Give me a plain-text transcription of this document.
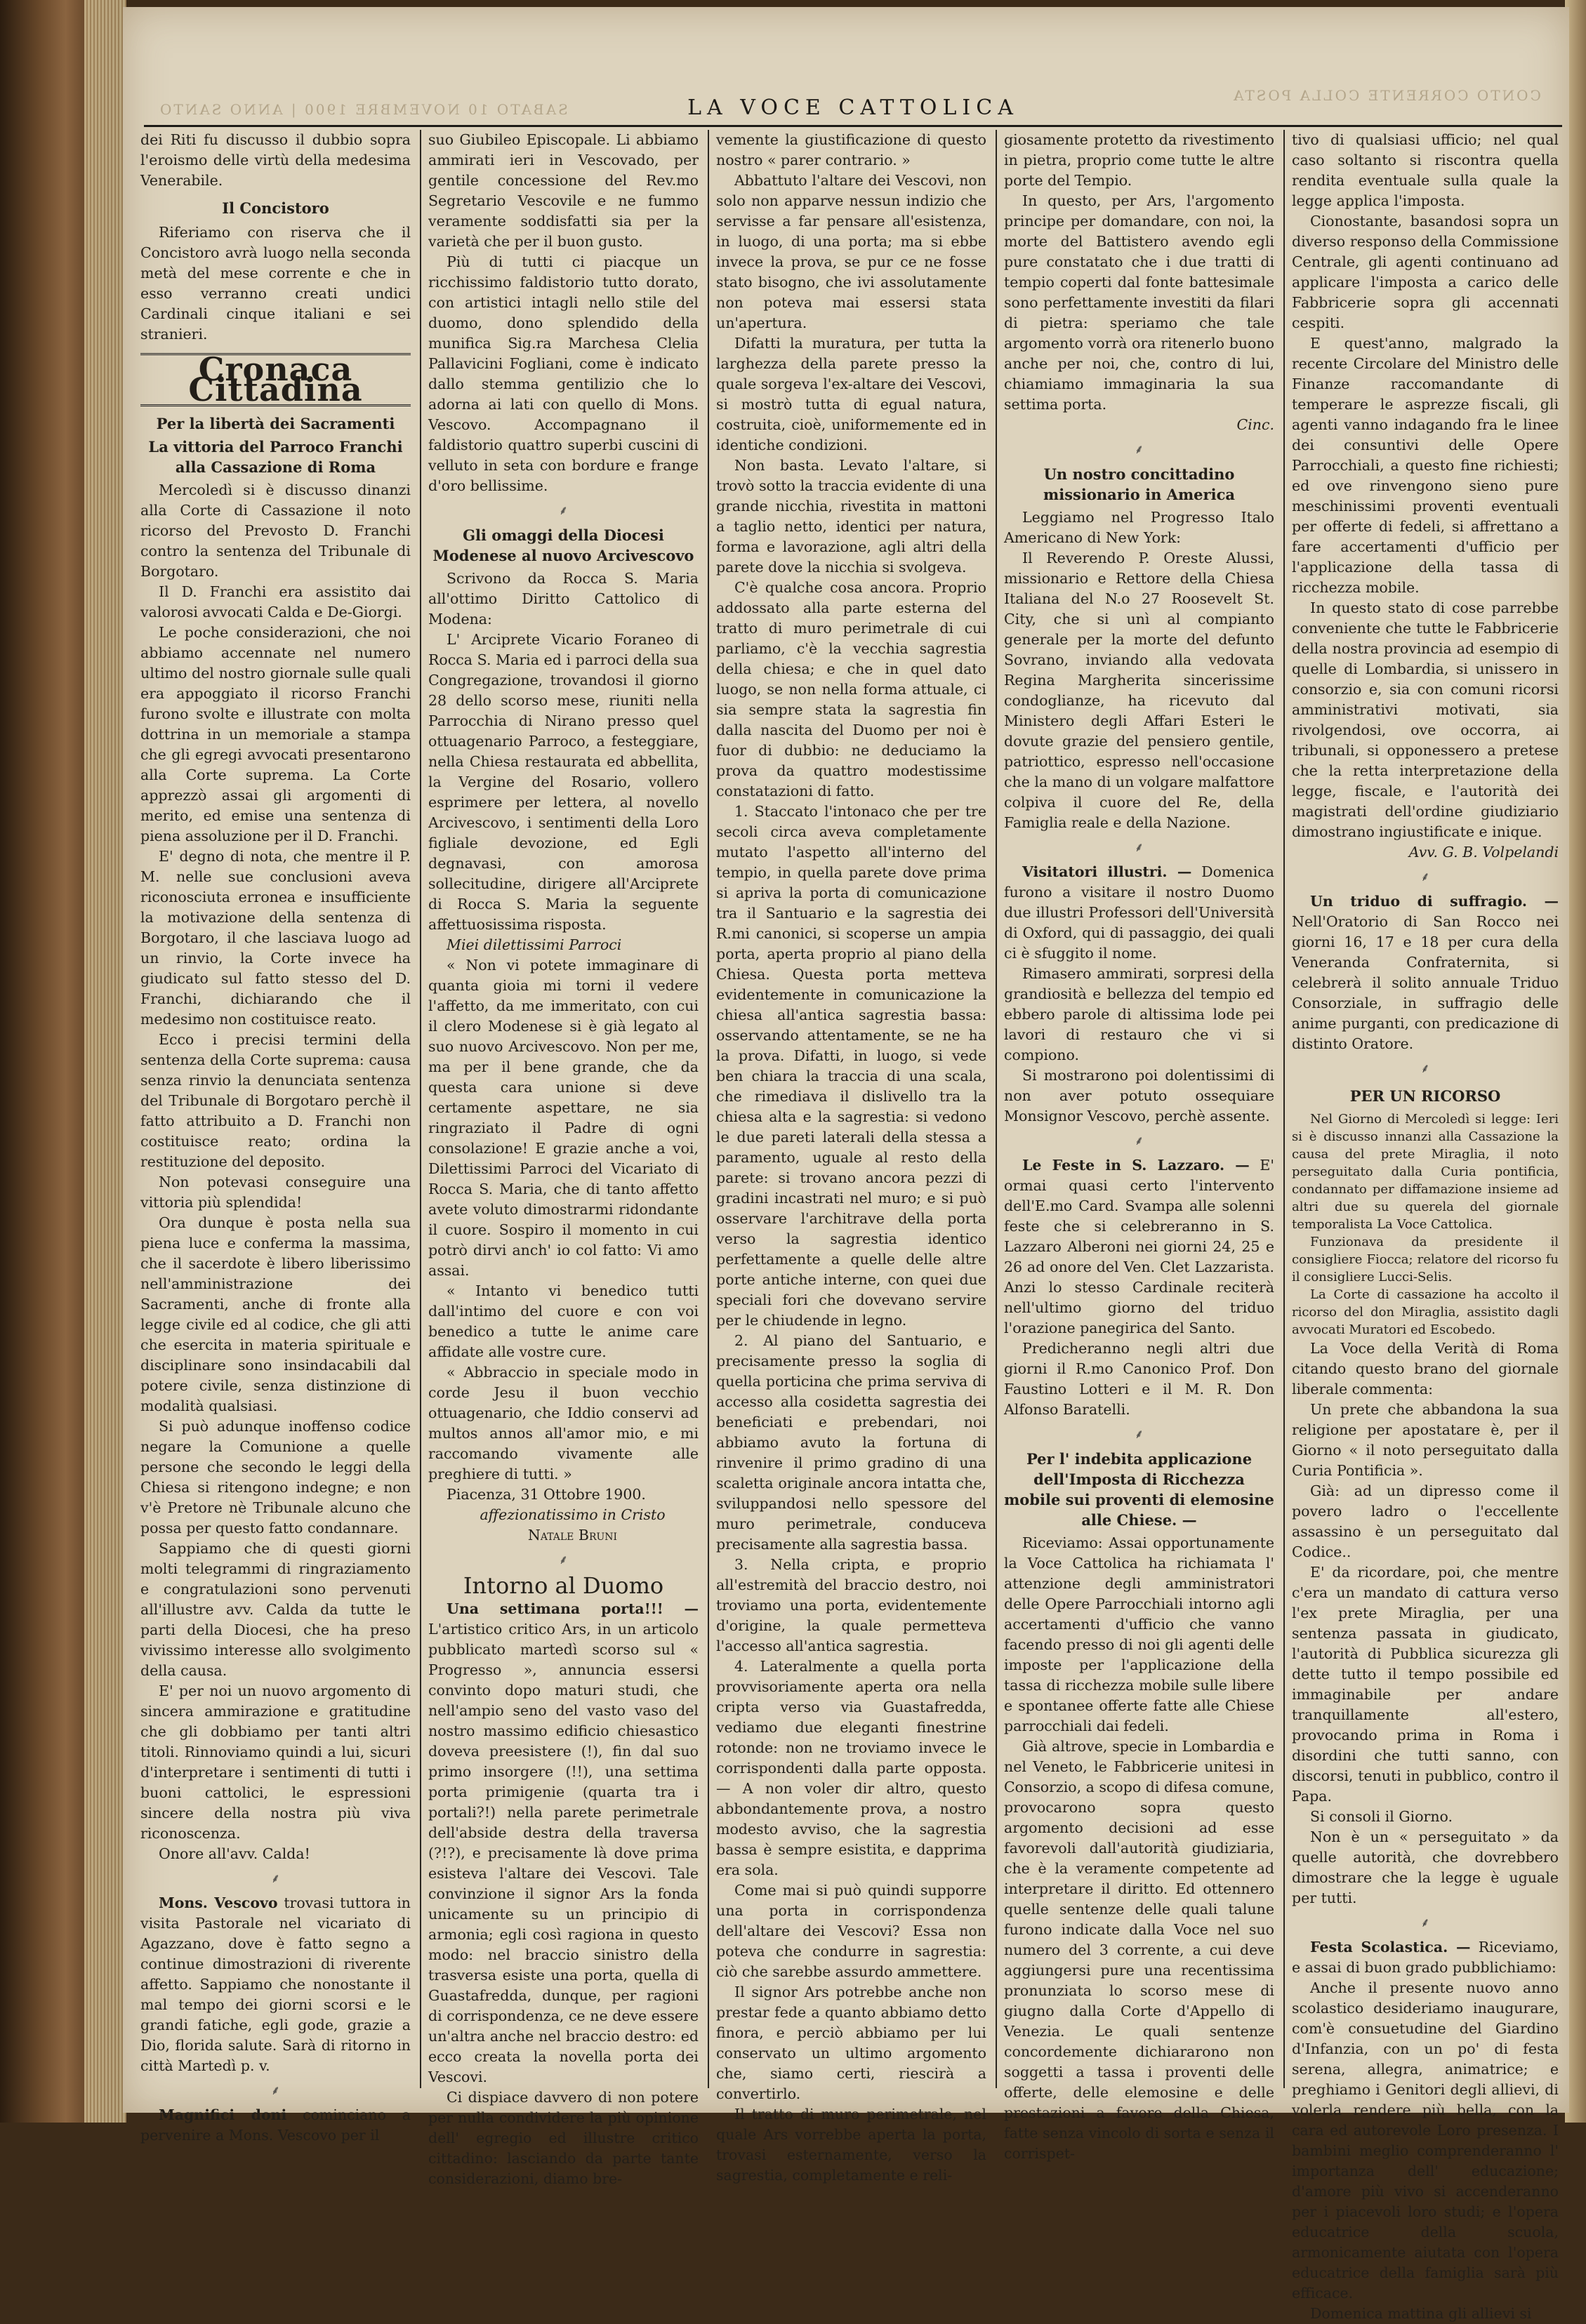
SABATO 10 NOVEMBRE 1900 | ANNO SANTO
CONTO CORRENTE COLLA POSTA
LA VOCE CATTOLICA

dei Riti fu discusso il dubbio sopra l'eroismo delle virtù della medesima Venerabile.

Il Concistoro

Riferiamo con riserva che il Concistoro avrà luogo nella seconda metà del mese corrente e che in esso verranno creati undici Cardinali cinque italiani e sei stranieri.

Cronaca Cittadina
Per la libertà dei Sacramenti
La vittoria del Parroco Franchi alla Cassazione di Roma

Mercoledì si è discusso dinanzi alla Corte di Cassazione il noto ricorso del Prevosto D. Franchi contro la sentenza del Tribunale di Borgotaro.

Il D. Franchi era assistito dai valorosi avvocati Calda e De-Giorgi.

Le poche considerazioni, che noi abbiamo accennate nel numero ultimo del nostro giornale sulle quali era appoggiato il ricorso Franchi furono svolte e illustrate con molta dottrina in un memoriale a stampa che gli egregi avvocati presentarono alla Corte suprema. La Corte apprezzò assai gli argomenti di merito, ed emise una sentenza di piena assoluzione per il D. Franchi.

E' degno di nota, che mentre il P. M. nelle sue conclusioni aveva riconosciuta erronea e insufficiente la motivazione della sentenza di Borgotaro, il che lasciava luogo ad un rinvio, la Corte invece ha giudicato sul fatto stesso del D. Franchi, dichiarando che il medesimo non costituisce reato.

Ecco i precisi termini della sentenza della Corte suprema: causa senza rinvio la denunciata sentenza del Tribunale di Borgotaro perchè il fatto attribuito a D. Franchi non costituisce reato; ordina la restituzione del deposito.

Non potevasi conseguire una vittoria più splendida!

Ora dunque è posta nella sua piena luce e conferma la massima, che il sacerdote è libero liberissimo nell'amministrazione dei Sacramenti, anche di fronte alla legge civile ed al codice, che gli atti che esercita in materia spirituale e disciplinare sono insindacabili dal potere civile, senza distinzione di modalità qualsiasi.

Si può adunque inoffenso codice negare la Comunione a quelle persone che secondo le leggi della Chiesa si ritengono indegne; e non v'è Pretore nè Tribunale alcuno che possa per questo fatto condannare.

Sappiamo che di questi giorni molti telegrammi di ringraziamento e congratulazioni sono pervenuti all'illustre avv. Calda da tutte le parti della Diocesi, che ha preso vivissimo interesse allo svolgimento della causa.

E' per noi un nuovo argomento di sincera ammirazione e gratitudine che gli dobbiamo per tanti altri titoli. Rinnoviamo quindi a lui, sicuri d'interpretare i sentimenti di tutti i buoni cattolici, le espressioni sincere della nostra più viva riconoscenza.

Onore all'avv. Calda!

⸙

Mons. Vescovo trovasi tuttora in visita Pastorale nel vicariato di Agazzano, dove è fatto segno a continue dimostrazioni di riverente affetto. Sappiamo che nonostante il mal tempo dei giorni scorsi e le grandi fatiche, egli gode, grazie a Dio, florida salute. Sarà di ritorno in città Martedì p. v.

⸙

Magnifici doni cominciano a pervenire a Mons. Vescovo per il

suo Giubileo Episcopale. Li abbiamo ammirati ieri in Vescovado, per gentile concessione del Rev.mo Segretario Vescovile e ne fummo veramente soddisfatti sia per la varietà che per il buon gusto.

Più di tutti ci piacque un ricchissimo faldistorio tutto dorato, con artistici intagli nello stile del duomo, dono splendido della munifica Sig.ra Marchesa Clelia Pallavicini Fogliani, come è indicato dallo stemma gentilizio che lo adorna ai lati con quello di Mons. Vescovo. Accompagnano il faldistorio quattro superbi cuscini di velluto in seta con bordure e frange d'oro bellissime.

⸙
Gli omaggi della Diocesi Modenese al nuovo Arcivescovo

Scrivono da Rocca S. Maria all'ottimo Diritto Cattolico di Modena:

L' Arciprete Vicario Foraneo di Rocca S. Maria ed i parroci della sua Congregazione, trovandosi il giorno 28 dello scorso mese, riuniti nella Parrocchia di Nirano presso quel ottuagenario Parroco, a festeggiare, nella Chiesa restaurata ed abbellita, la Vergine del Rosario, vollero esprimere per lettera, al novello Arcivescovo, i sentimenti della Loro figliale devozione, ed Egli degnavasi, con amorosa sollecitudine, dirigere all'Arciprete di Rocca S. Maria la seguente affettuosissima risposta.

Miei dilettissimi Parroci

« Non vi potete immaginare di quanta gioia mi torni il vedere l'affetto, da me immeritato, con cui il clero Modenese si è già legato al suo nuovo Arcivescovo. Non per me, ma per il bene grande, che da questa cara unione si deve certamente aspettare, ne sia ringraziato il Padre di ogni consolazione! E grazie anche a voi, Dilettissimi Parroci del Vicariato di Rocca S. Maria, che di tanto affetto avete voluto dimostrarmi ridondante il cuore. Sospiro il momento in cui potrò dirvi anch' io col fatto: Vi amo assai.

« Intanto vi benedico tutti dall'intimo del cuore e con voi benedico a tutte le anime care affidate alle vostre cure.

« Abbraccio in speciale modo in corde Jesu il buon vecchio ottuagenario, che Iddio conservi ad multos annos all'amor mio, e mi raccomando vivamente alle preghiere di tutti. »

Piacenza, 31 Ottobre 1900.

affezionatissimo in Cristo

Natale Bruni

⸙
Intorno al Duomo

Una settimana porta!!! — L'artistico critico Ars, in un articolo pubblicato martedì scorso sul « Progresso », annuncia essersi convinto dopo maturi studi, che nell'ampio seno del vasto vaso del nostro massimo edificio chiesastico doveva preesistere (!), fin dal suo primo insorgere (!!), una settima porta primigenie (quarta tra i portali?!) nella parete perimetrale dell'abside destra della traversa (?!?), e precisamente là dove prima esisteva l'altare dei Vescovi. Tale convinzione il signor Ars la fonda unicamente su un principio di armonia; egli così ragiona in questo modo: nel braccio sinistro della trasversa esiste una porta, quella di Guastafredda, dunque, per ragioni di corrispondenza, ce ne deve essere un'altra anche nel braccio destro: ed ecco creata la novella porta dei Vescovi.

Ci dispiace davvero di non potere per nulla condividere la più opinione dell' egregio ed illustre critico cittadino: lasciando da parte tante considerazioni, diamo bre-

vemente la giustificazione di questo nostro « parer contrario. »

Abbattuto l'altare dei Vescovi, non solo non apparve nessun indizio che servisse a far pensare all'esistenza, in luogo, di una porta; ma si ebbe invece la prova, se pur ce ne fosse stato bisogno, che ivi assolutamente non poteva mai essersi stata un'apertura.

Difatti la muratura, per tutta la larghezza della parete presso la quale sorgeva l'ex-altare dei Vescovi, si mostrò tutta di egual natura, costruita, cioè, uniformemente ed in identiche condizioni.

Non basta. Levato l'altare, si trovò sotto la traccia evidente di una grande nicchia, rivestita in mattoni a taglio netto, identici per natura, forma e lavorazione, agli altri della parete dove la nicchia si svolgeva.

C'è qualche cosa ancora. Proprio addossato alla parte esterna del tratto di muro perimetrale di cui parliamo, c'è la vecchia sagrestia della chiesa; e che in quel dato luogo, se non nella forma attuale, ci sia sempre stata la sagrestia fin dalla nascita del Duomo per noi è fuor di dubbio: ne deduciamo la prova da quattro modestissime constatazioni di fatto.

1. Staccato l'intonaco che per tre secoli circa aveva completamente mutato l'aspetto all'interno del tempio, in quella parete dove prima si apriva la porta di comunicazione tra il Santuario e la sagrestia dei R.mi canonici, si scoperse un ampia porta, aperta proprio al piano della Chiesa. Questa porta metteva evidentemente in comunicazione la chiesa all'antica sagrestia bassa: osservando attentamente, se ne ha la prova. Difatti, in luogo, si vede ben chiara la traccia di una scala, che rimediava il dislivello tra la chiesa alta e la sagrestia: si vedono le due pareti laterali della stessa a paramento, uguale al resto della parete: si trovano ancora pezzi di gradini incastrati nel muro; e si può osservare l'architrave della porta verso la sagrestia identico perfettamente a quelle delle altre porte antiche interne, con quei due speciali fori che dovevano servire per le chiudende in legno.

2. Al piano del Santuario, e precisamente presso la soglia di quella porticina che prima serviva di accesso alla cosidetta sagrestia dei beneficiati e prebendari, noi abbiamo avuto la fortuna di rinvenire il primo gradino di una scaletta originale ancora intatta che, sviluppandosi nello spessore del muro perimetrale, conduceva precisamente alla sagrestia bassa.

3. Nella cripta, e proprio all'estremità del braccio destro, noi troviamo una porta, evidentemente d'origine, la quale permetteva l'accesso all'antica sagrestia.

4. Lateralmente a quella porta provvisoriamente aperta ora nella cripta verso via Guastafredda, vediamo due eleganti finestrine rotonde: non ne troviamo invece le corrispondenti dalla parte opposta. — A non voler dir altro, questo abbondantemente prova, a nostro modesto avviso, che la sagrestia bassa è sempre esistita, e dapprima era sola.

Come mai si può quindi supporre una porta in corrispondenza dell'altare dei Vescovi? Essa non poteva che condurre in sagrestia: ciò che sarebbe assurdo ammettere.

Il signor Ars potrebbe anche non prestar fede a quanto abbiamo detto finora, e perciò abbiamo per lui conservato un ultimo argomento che, siamo certi, riescirà a convertirlo.

Il tratto di muro perimetrale, nel quale Ars vorrebbe aperta la porta, trovasi esternamente, verso la sagrestia, completamente e reli-

giosamente protetto da rivestimento in pietra, proprio come tutte le altre porte del Tempio.

In questo, per Ars, l'argomento principe per domandare, con noi, la morte del Battistero avendo egli pure constatato che i due tratti di tempio coperti dal fonte battesimale sono perfettamente investiti da filari di pietra: speriamo che tale argomento vorrà ora ritenerlo buono anche per noi, che, contro di lui, chiamiamo immaginaria la sua settima porta.

Cinc.

⸙
Un nostro concittadino missionario in America

Leggiamo nel Progresso Italo Americano di New York:

Il Reverendo P. Oreste Alussi, missionario e Rettore della Chiesa Italiana del N.o 27 Roosevelt St. City, che si unì al compianto generale per la morte del defunto Sovrano, inviando alla vedovata Regina Margherita sincerissime condoglianze, ha ricevuto dal Ministero degli Affari Esteri le dovute grazie del pensiero gentile, patriottico, espresso nell'occasione che la mano di un volgare malfattore colpiva il cuore del Re, della Famiglia reale e della Nazione.

⸙

Visitatori illustri. — Domenica furono a visitare il nostro Duomo due illustri Professori dell'Università di Oxford, qui di passaggio, dei quali ci è sfuggito il nome.

Rimasero ammirati, sorpresi della grandiosità e bellezza del tempio ed ebbero parole di altissima lode pei lavori di restauro che vi si compiono.

Si mostrarono poi dolentissimi di non aver potuto ossequiare Monsignor Vescovo, perchè assente.

⸙

Le Feste in S. Lazzaro. — E' ormai quasi certo l'intervento dell'E.mo Card. Svampa alle solenni feste che si celebreranno in S. Lazzaro Alberoni nei giorni 24, 25 e 26 ad onore del Ven. Clet Lazzarista. Anzi lo stesso Cardinale reciterà nell'ultimo giorno del triduo l'orazione panegirica del Santo.

Predicheranno negli altri due giorni il R.mo Canonico Prof. Don Faustino Lotteri e il M. R. Don Alfonso Baratelli.

⸙
Per l' indebita applicazione dell'Imposta di Ricchezza mobile sui proventi di elemosine alle Chiese. —

Riceviamo: Assai opportunamente la Voce Cattolica ha richiamata l' attenzione degli amministratori delle Opere Parrocchiali intorno agli accertamenti d'ufficio che vanno facendo presso di noi gli agenti delle imposte per l'applicazione della tassa di ricchezza mobile sulle libere e spontanee offerte fatte alle Chiese parrocchiali dai fedeli.

Già altrove, specie in Lombardia e nel Veneto, le Fabbricerie unitesi in Consorzio, a scopo di difesa comune, provocarono sopra questo argomento decisioni ad esse favorevoli dall'autorità giudiziaria, che è la veramente competente ad interpretare il diritto. Ed ottennero quelle sentenze delle quali talune furono indicate dalla Voce nel suo numero del 3 corrente, a cui deve aggiungersi pure una recentissima pronunziata lo scorso mese di giugno dalla Corte d'Appello di Venezia. Le quali sentenze concordemente dichiararono non soggetti a tassa i proventi delle offerte, delle elemosine e delle prestazioni a favore della Chiesa, fatte senza vincolo di sorta e senza il corrispet-

tivo di qualsiasi ufficio; nel qual caso soltanto si riscontra quella rendita eventuale sulla quale la legge applica l'imposta.

Cionostante, basandosi sopra un diverso responso della Commissione Centrale, gli agenti continuano ad applicare l'imposta a carico delle Fabbricerie sopra gli accennati cespiti.

E quest'anno, malgrado la recente Circolare del Ministro delle Finanze raccomandante di temperare le asprezze fiscali, gli agenti vanno indagando fra le linee dei consuntivi delle Opere Parrocchiali, a questo fine richiesti; ed ove rinvengono sieno pure meschinissimi proventi eventuali per offerte di fedeli, si affrettano a fare accertamenti d'ufficio per l'applicazione della tassa di ricchezza mobile.

In questo stato di cose parrebbe conveniente che tutte le Fabbricerie della nostra provincia ad esempio di quelle di Lombardia, si unissero in consorzio e, sia con comuni ricorsi amministrativi motivati, sia rivolgendosi, ove occorra, ai tribunali, si opponessero a pretese che la retta interpretazione della legge, fiscale, e l'autorità dei magistrati dell'ordine giudiziario dimostrano ingiustificate e inique.

Avv. G. B. Volpelandi

⸙

Un triduo di suffragio. — Nell'Oratorio di San Rocco nei giorni 16, 17 e 18 per cura della Veneranda Confraternita, si celebrerà il solito annuale Triduo Consorziale, in suffragio delle anime purganti, con predicazione di distinto Oratore.

⸙
PER UN RICORSO

Nel Giorno di Mercoledì si legge: Ieri si è discusso innanzi alla Cassazione la causa del prete Miraglia, il noto perseguitato dalla Curia pontificia, condannato per diffamazione insieme ad altri due su querela del giornale temporalista La Voce Cattolica.

Funzionava da presidente il consigliere Fiocca; relatore del ricorso fu il consigliere Lucci-Selis.

La Corte di cassazione ha accolto il ricorso del don Miraglia, assistito dagli avvocati Muratori ed Escobedo.

La Voce della Verità di Roma citando questo brano del giornale liberale commenta:

Un prete che abbandona la sua religione per apostatare è, per il Giorno « il noto perseguitato dalla Curia Pontificia ».

Già: ad un dipresso come il povero ladro o l'eccellente assassino è un perseguitato dal Codice..

E' da ricordare, poi, che mentre c'era un mandato di cattura verso l'ex prete Miraglia, per una sentenza passata in giudicato, l'autorità di Pubblica sicurezza gli dette tutto il tempo possibile ed immaginabile per andare tranquillamente all'estero, provocando prima in Roma i disordini che tutti sanno, con discorsi, tenuti in pubblico, contro il Papa.

Si consoli il Giorno.

Non è un « perseguitato » da quelle autorità, che dovrebbero dimostrare che la legge è uguale per tutti.

⸙

Festa Scolastica. — Riceviamo, e assai di buon grado pubblichiamo:

Anche il presente nuovo anno scolastico desideriamo inaugurare, com'è consuetudine del Giardino d'Infanzia, con un po' di festa serena, allegra, animatrice; e preghiamo i Genitori degli allievi, di volerla rendere più bella, con la cara ed autorevole Loro presenza. I bambini meglio comprenderanno l' importanza dell' educazione; d'amore più vivo si accenderanno per i piacevoli loro studi; e l'opera educatrice della scuola, armonicamente aiutata con l'opera educatrice della famiglia sarà più efficace.

Domenica mattina gli allievi si
